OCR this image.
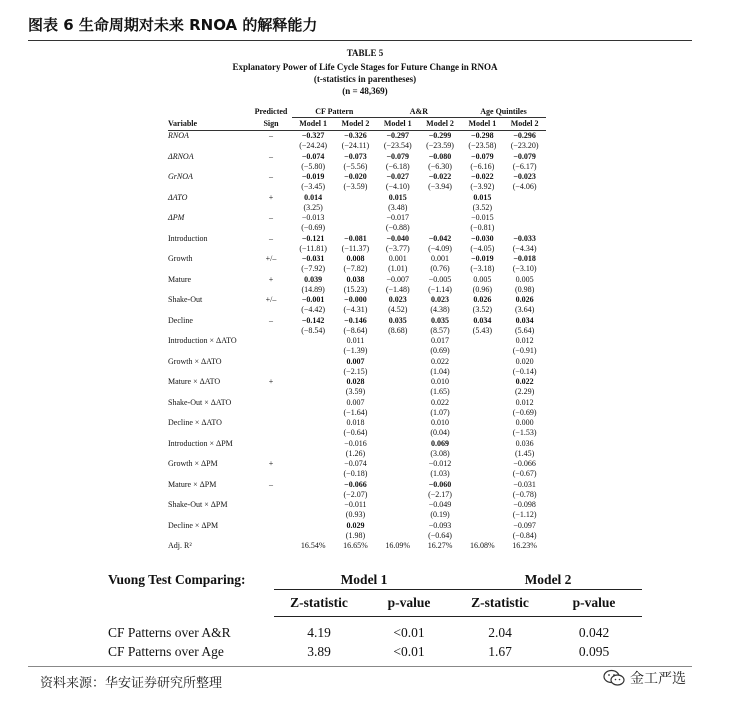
图表 6 生命周期对未来 RNOA 的解释能力
TABLE 5
Explanatory Power of Life Cycle Stages for Future Change in RNOA
(t-statistics in parentheses)
(n = 48,369)
	Predicted	CF Pattern		A&R		Age Quintiles	

Variable	Sign	Model 1	Model 2	Model 1	Model 2	Model 1	Model 2
RNOA	–	−0.327	−0.326	−0.297	−0.299	−0.298	−0.296
		(−24.24)	(−24.11)	(−23.54)	(−23.59)	(−23.58)	(−23.20)
ΔRNOA	–	−0.074	−0.073	−0.079	−0.080	−0.079	−0.079
		(−5.80)	(−5.56)	(−6.18)	(−6.30)	(−6.16)	(−6.17)
GrNOA	–	−0.019	−0.020	−0.027	−0.022	−0.022	−0.023
		(−3.45)	(−3.59)	(−4.10)	(−3.94)	(−3.92)	(−4.06)
ΔATO	+	0.014		0.015		0.015	
		(3.25)		(3.48)		(3.52)	
ΔPM	–	−0.013		−0.017		−0.015	
		(−0.69)		(−0.88)		(−0.81)	
Introduction	–	−0.121	−0.081	−0.040	−0.042	−0.030	−0.033
		(−11.81)	(−11.37)	(−3.77)	(−4.09)	(−4.05)	(−4.34)
Growth	+/–	−0.031	0.008	0.001	0.001	−0.019	−0.018
		(−7.92)	(−7.82)	(1.01)	(0.76)	(−3.18)	(−3.10)
Mature	+	0.039	0.038	−0.007	−0.005	0.005	0.005
		(14.89)	(15.23)	(−1.48)	(−1.14)	(0.96)	(0.98)
Shake-Out	+/–	−0.001	−0.000	0.023	0.023	0.026	0.026
		(−4.42)	(−4.31)	(4.52)	(4.38)	(3.52)	(3.64)
Decline	–	−0.142	−0.146	0.035	0.035	0.034	0.034
		(−8.54)	(−8.64)	(8.68)	(8.57)	(5.43)	(5.64)
Introduction × ΔATO			0.011		0.017		0.012
			(−1.39)		(0.69)		(−0.91)
Growth × ΔATO			0.007		0.022		0.020
			(−2.15)		(1.04)		(−0.14)
Mature × ΔATO	+		0.028		0.010		0.022
			(3.59)		(1.65)		(2.29)
Shake-Out × ΔATO			0.007		0.022		0.012
			(−1.64)		(1.07)		(−0.69)
Decline × ΔATO			0.018		0.010		0.000
			(−0.64)		(0.04)		(−1.53)
Introduction × ΔPM			−0.016		0.069		0.036
			(1.26)		(3.08)		(1.45)
Growth × ΔPM	+		−0.074		−0.012		−0.066
			(−0.18)		(1.03)		(−0.67)
Mature × ΔPM	–		−0.066		−0.060		−0.031
			(−2.07)		(−2.17)		(−0.78)
Shake-Out × ΔPM			−0.011		−0.049		−0.098
			(0.93)		(0.19)		(−1.12)
Decline × ΔPM			0.029		−0.093		−0.097
			(1.98)		(−0.64)		(−0.84)
Adj. R²		16.54%	16.65%	16.09%	16.27%	16.08%	16.23%
Vuong Test Comparing:	Model 1		Model 2	
	Z-statistic	p-value	Z-statistic	p-value

CF Patterns over A&R	4.19	<0.01	2.04	0.042
CF Patterns over Age	3.89	<0.01	1.67	0.095
资料来源：华安证券研究所整理	金工严选
